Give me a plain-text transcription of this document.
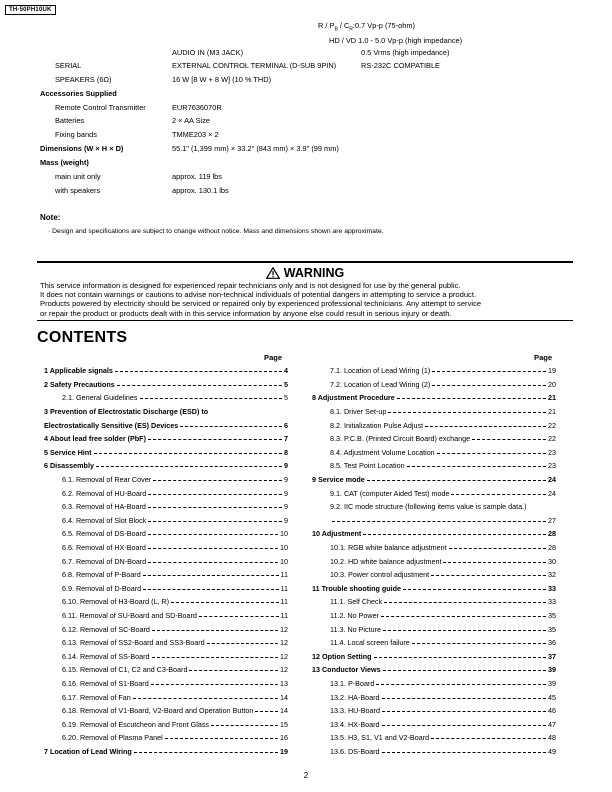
TH-50PH10UK
R / $P_B$ / $C_R:0.7$ Vp-p (75-ohm)
HD / VD 1.0 - 5.0 Vp-p (high impedance)
AUDIO IN (M3 JACK)	0.5 Vrms (high impedance)
SERIAL	EXTERNAL CONTROL TERMINAL (D-SUB 9PIN)	RS-232C COMPATIBLE
SPEAKERS (6Ω)	16 W [8 W + 8 W] (10 % THD)
Accessories Supplied
Remote Control Transmitter	EUR7636070R
Batteries	2 × AA Size
Fixing bands	TMME203 × 2
Dimensions (W × H × D)	55.1" (1,399 mm) × 33.2" (843 mm) × 3.9" (99 mm)
Mass (weight)
main unit only	approx. 119 lbs
with speakers	approx. 130.1 lbs
Note:
· Design and specifications are subject to change without notice. Mass and dimensions shown are approximate.
WARNING
This service information is designed for experienced repair technicians only and is not designed for use by the general public.
It does not contain warnings or cautions to advise non-technical individuals of potential dangers in attempting to service a product.
Products powered by electricity should be serviced or repaired only by experienced professional technicians. Any attempt to service
or repair the product or products dealt with in this service information by anyone else could result in serious injury or death.
CONTENTS
Page	Page
1 Applicable signals	4
2 Safety Precautions	5
2.1. General Guidelines	5
3 Prevention of Electrostatic Discharge (ESD) to
Electrostatically Sensitive (ES) Devices	6
4 About lead free solder (PbF)	7
5 Service Hint	8
6 Disassembly	9
6.1. Removal of Rear Cover	9
6.2. Removal of HU-Board	9
6.3. Removal of HA-Board	9
6.4. Removal of Slot Block	9
6.5. Removal of DS-Board	10
6.6. Removal of HX-Board	10
6.7. Removal of DN-Board	10
6.8. Removal of P-Board	11
6.9. Removal of D-Board	11
6.10. Removal of H3-Board (L, R)	11
6.11. Removal of SU-Board and SD-Board	11
6.12. Removal of SC-Board	12
6.13. Removal of SS2-Board and SS3-Board	12
6.14. Removal of SS-Board	12
6.15. Removal of C1, C2 and C3-Board	12
6.16. Removal of S1-Board	13
6.17. Removal of Fan	14
6.18. Removal of V1-Board, V2-Board and Operation Button	14
6.19. Removal of Escutcheon and Front Glass	15
6.20. Removal of Plasma Panel	16
7 Location of Lead Wiring	19
7.1. Location of Lead Wiring (1)	19
7.2. Location of Lead Wiring (2)	20
8 Adjustment Procedure	21
8.1. Driver Set-up	21
8.2. Initialization Pulse Adjust	22
8.3. P.C.B. (Printed Circuit Board) exchange	22
8.4. Adjustment Volume Location	23
8.5. Test Point Location	23
9 Service mode	24
9.1. CAT (computer Aided Test) mode	24
9.2. IIC mode structure (following items value is sample data.)
27
10 Adjustment	28
10.1. RGB white balance adjustment	28
10.2. HD white balance adjustment	30
10.3. Power control adjustment	32
11 Trouble shooting guide	33
11.1. Self Check	33
11.2. No Power	35
11.3. No Picture	35
11.4. Local screen failure	36
12 Option Setting	37
13 Conductor Views	39
13.1. P-Board	39
13.2. HA-Board	45
13.3. HU-Board	46
13.4. HX-Board	47
13.5. H3, S1, V1 and V2-Board	48
13.6. DS-Board	49
2
